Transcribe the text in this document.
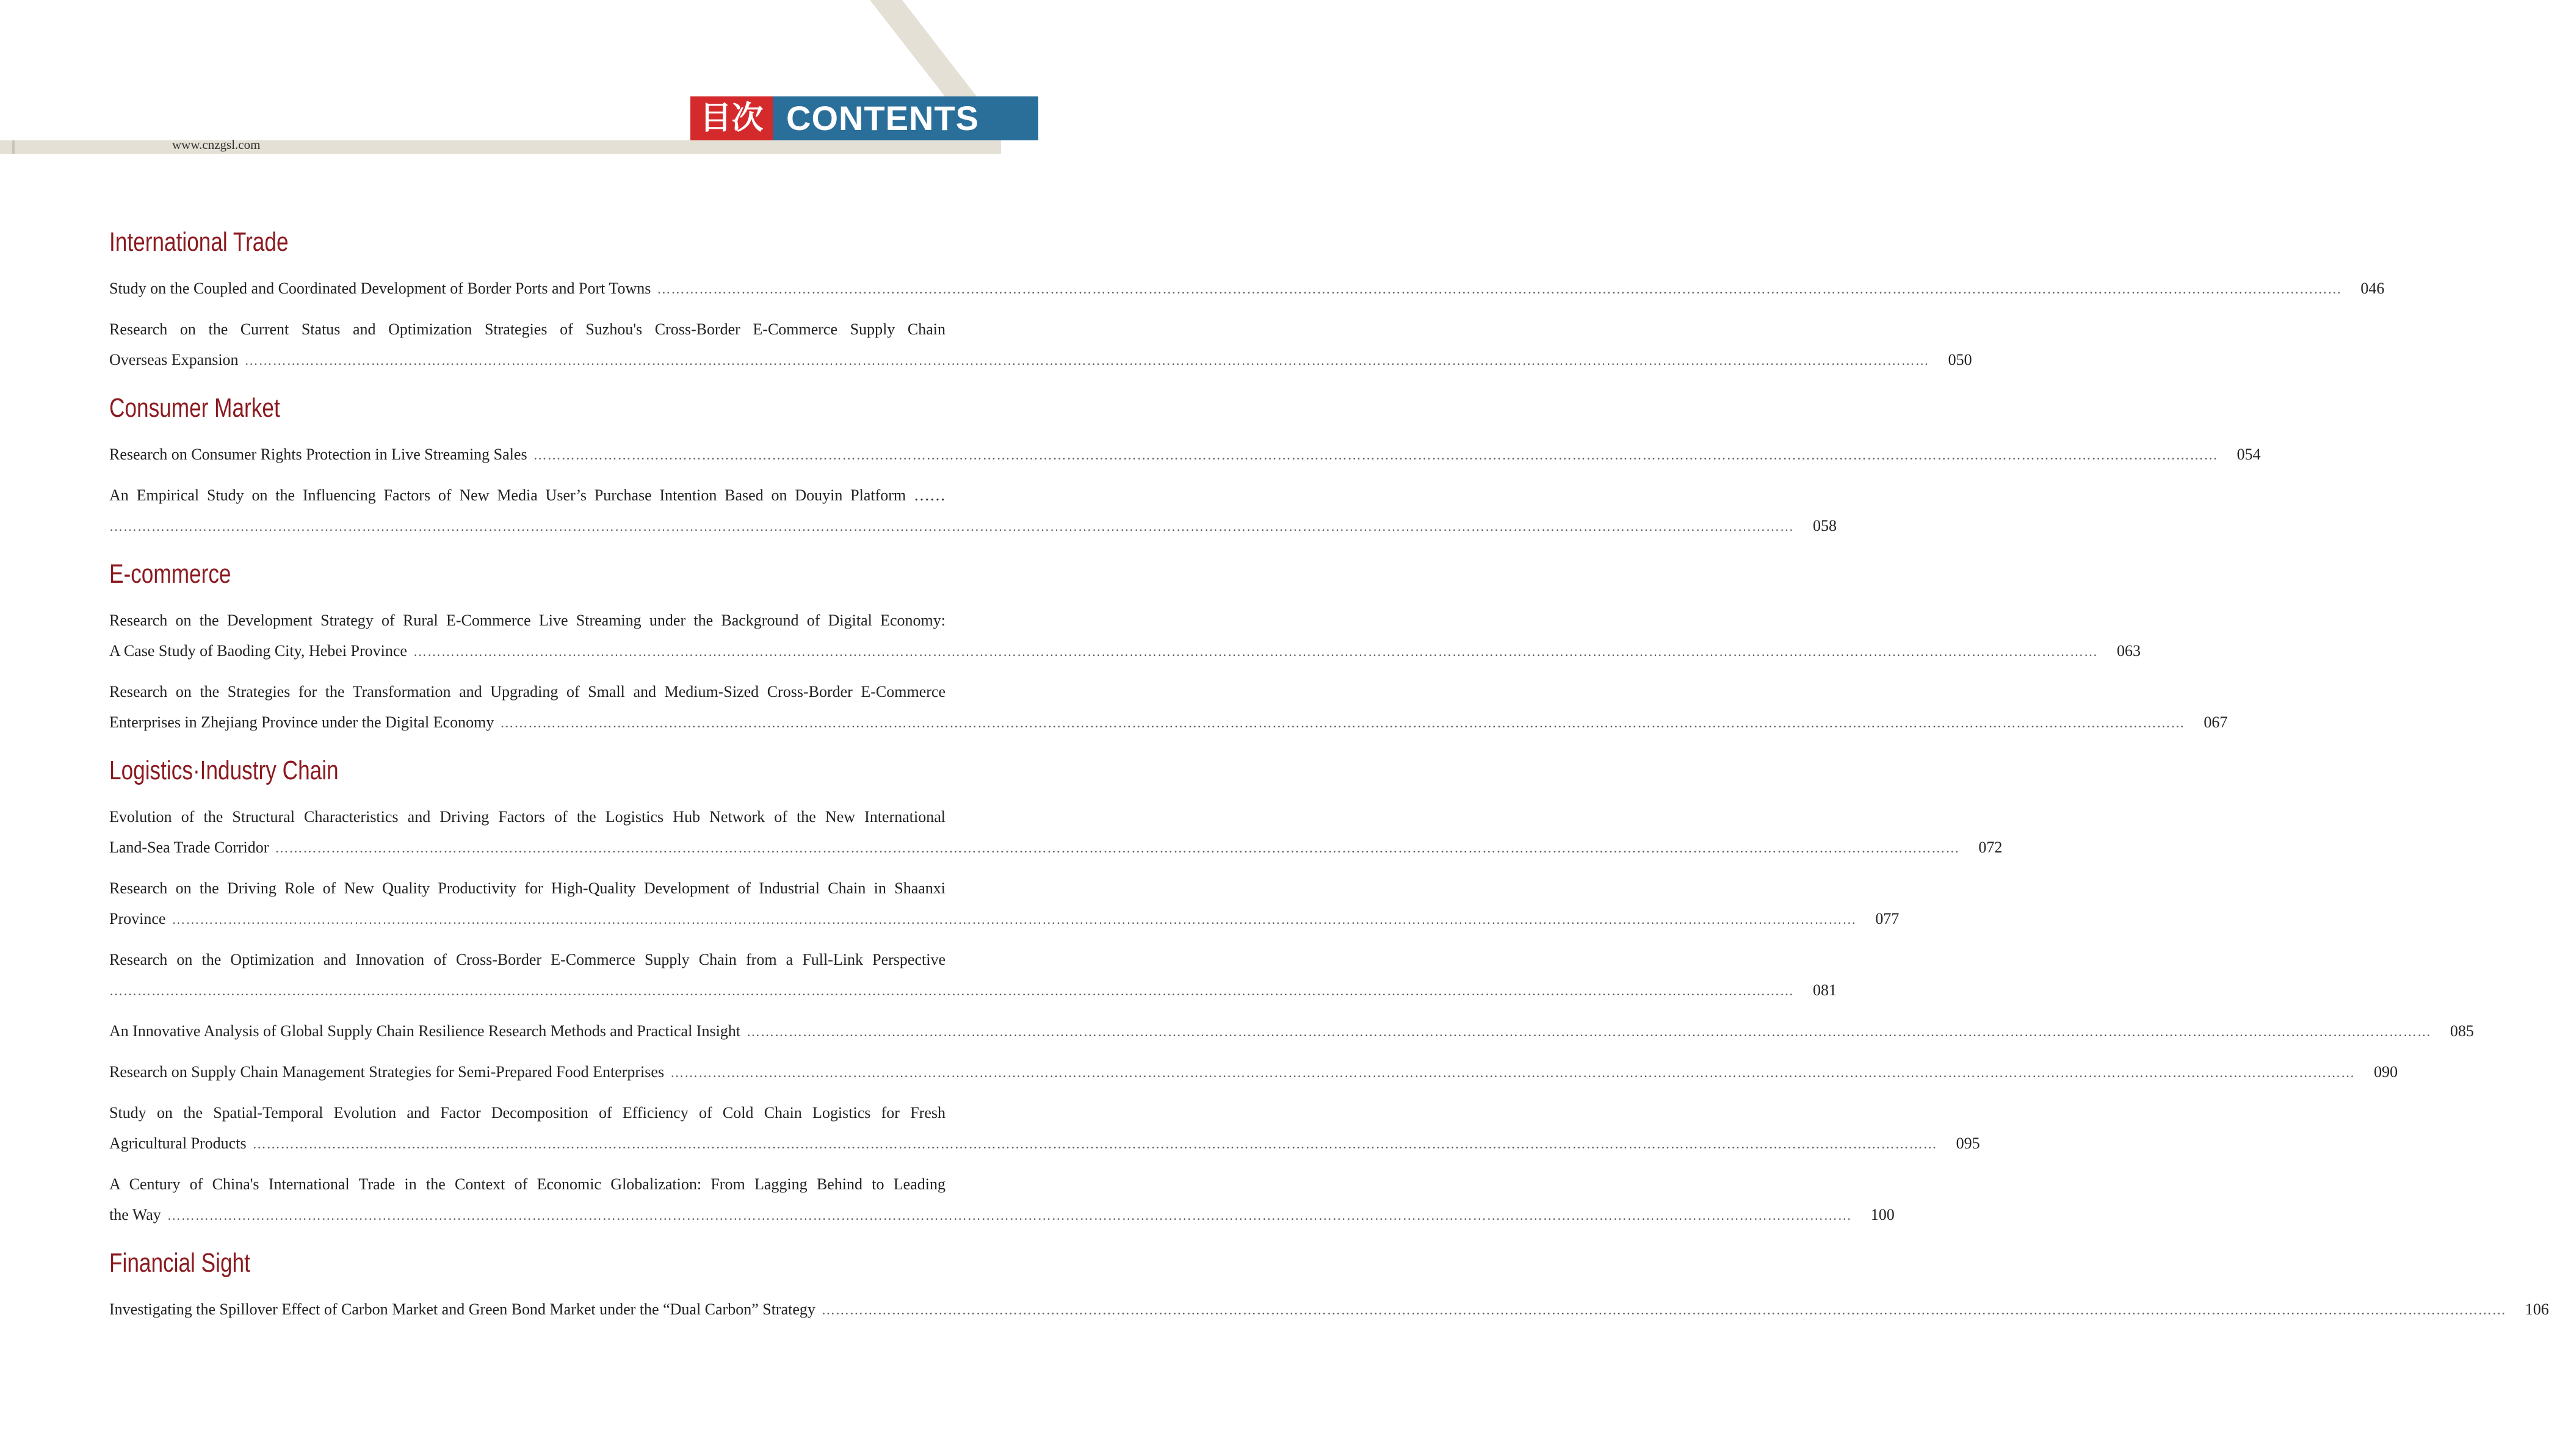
www.cnzgsl.com
目次 CONTENTS
International Trade
Study on the Coupled and Coordinated Development of Border Ports and Port Towns ………………………………………………………………………………………………………………………………………………………………………………………………………………………………………………………………………………………………………………………………	046
Research on the Current Status and Optimization Strategies of Suzhou's Cross-Border E-Commerce Supply Chain
Overseas Expansion ………………………………………………………………………………………………………………………………………………………………………………………………………………………………………………………………………………………………………………………………	050
Consumer Market
Research on Consumer Rights Protection in Live Streaming Sales ………………………………………………………………………………………………………………………………………………………………………………………………………………………………………………………………………………………………………………………………	054
An Empirical Study on the Influencing Factors of New Media User’s Purchase Intention Based on Douyin Platform ……
………………………………………………………………………………………………………………………………………………………………………………………………………………………………………………………………………………………………………………………………	058
E-commerce
Research on the Development Strategy of Rural E-Commerce Live Streaming under the Background of Digital Economy:
A Case Study of Baoding City, Hebei Province ………………………………………………………………………………………………………………………………………………………………………………………………………………………………………………………………………………………………………………………………	063
Research on the Strategies for the Transformation and Upgrading of Small and Medium-Sized Cross-Border E-Commerce
Enterprises in Zhejiang Province under the Digital Economy ………………………………………………………………………………………………………………………………………………………………………………………………………………………………………………………………………………………………………………………………	067
Logistics·Industry Chain
Evolution of the Structural Characteristics and Driving Factors of the Logistics Hub Network of the New International
Land-Sea Trade Corridor ………………………………………………………………………………………………………………………………………………………………………………………………………………………………………………………………………………………………………………………………	072
Research on the Driving Role of New Quality Productivity for High-Quality Development of Industrial Chain in Shaanxi
Province ………………………………………………………………………………………………………………………………………………………………………………………………………………………………………………………………………………………………………………………………	077
Research on the Optimization and Innovation of Cross-Border E-Commerce Supply Chain from a Full-Link Perspective
………………………………………………………………………………………………………………………………………………………………………………………………………………………………………………………………………………………………………………………………	081
An Innovative Analysis of Global Supply Chain Resilience Research Methods and Practical Insight ………………………………………………………………………………………………………………………………………………………………………………………………………………………………………………………………………………………………………………………………	085
Research on Supply Chain Management Strategies for Semi-Prepared Food Enterprises ………………………………………………………………………………………………………………………………………………………………………………………………………………………………………………………………………………………………………………………………	090
Study on the Spatial-Temporal Evolution and Factor Decomposition of Efficiency of Cold Chain Logistics for Fresh
Agricultural Products ………………………………………………………………………………………………………………………………………………………………………………………………………………………………………………………………………………………………………………………………	095
A Century of China's International Trade in the Context of Economic Globalization: From Lagging Behind to Leading
the Way ………………………………………………………………………………………………………………………………………………………………………………………………………………………………………………………………………………………………………………………………	100
Financial Sight
Investigating the Spillover Effect of Carbon Market and Green Bond Market under the “Dual Carbon” Strategy ………………………………………………………………………………………………………………………………………………………………………………………………………………………………………………………………………………………………………………………………	106
